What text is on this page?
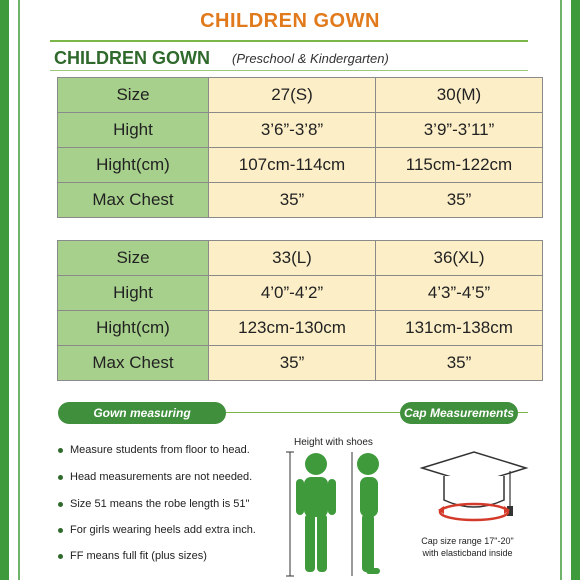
CHILDREN GOWN
CHILDREN GOWN (Preschool & Kindergarten)
Size	27(S)	30(M)
Hight	3’6”-3’8”	3’9”-3’11”
Hight(cm)	107cm-114cm	115cm-122cm
Max Chest	35”	35”
Size	33(L)	36(XL)
Hight	4’0”-4’2”	4’3”-4’5”
Hight(cm)	123cm-130cm	131cm-138cm
Max Chest	35”	35”
Gown measuring instructions
Cap Measurements
Measure students from floor to head.
Head measurements are not needed.
Size 51 means the robe length is 51"
For girls wearing heels add extra inch.
FF means full fit (plus sizes)
Height with shoes
Cap size range 17"-20"
with elasticband inside
